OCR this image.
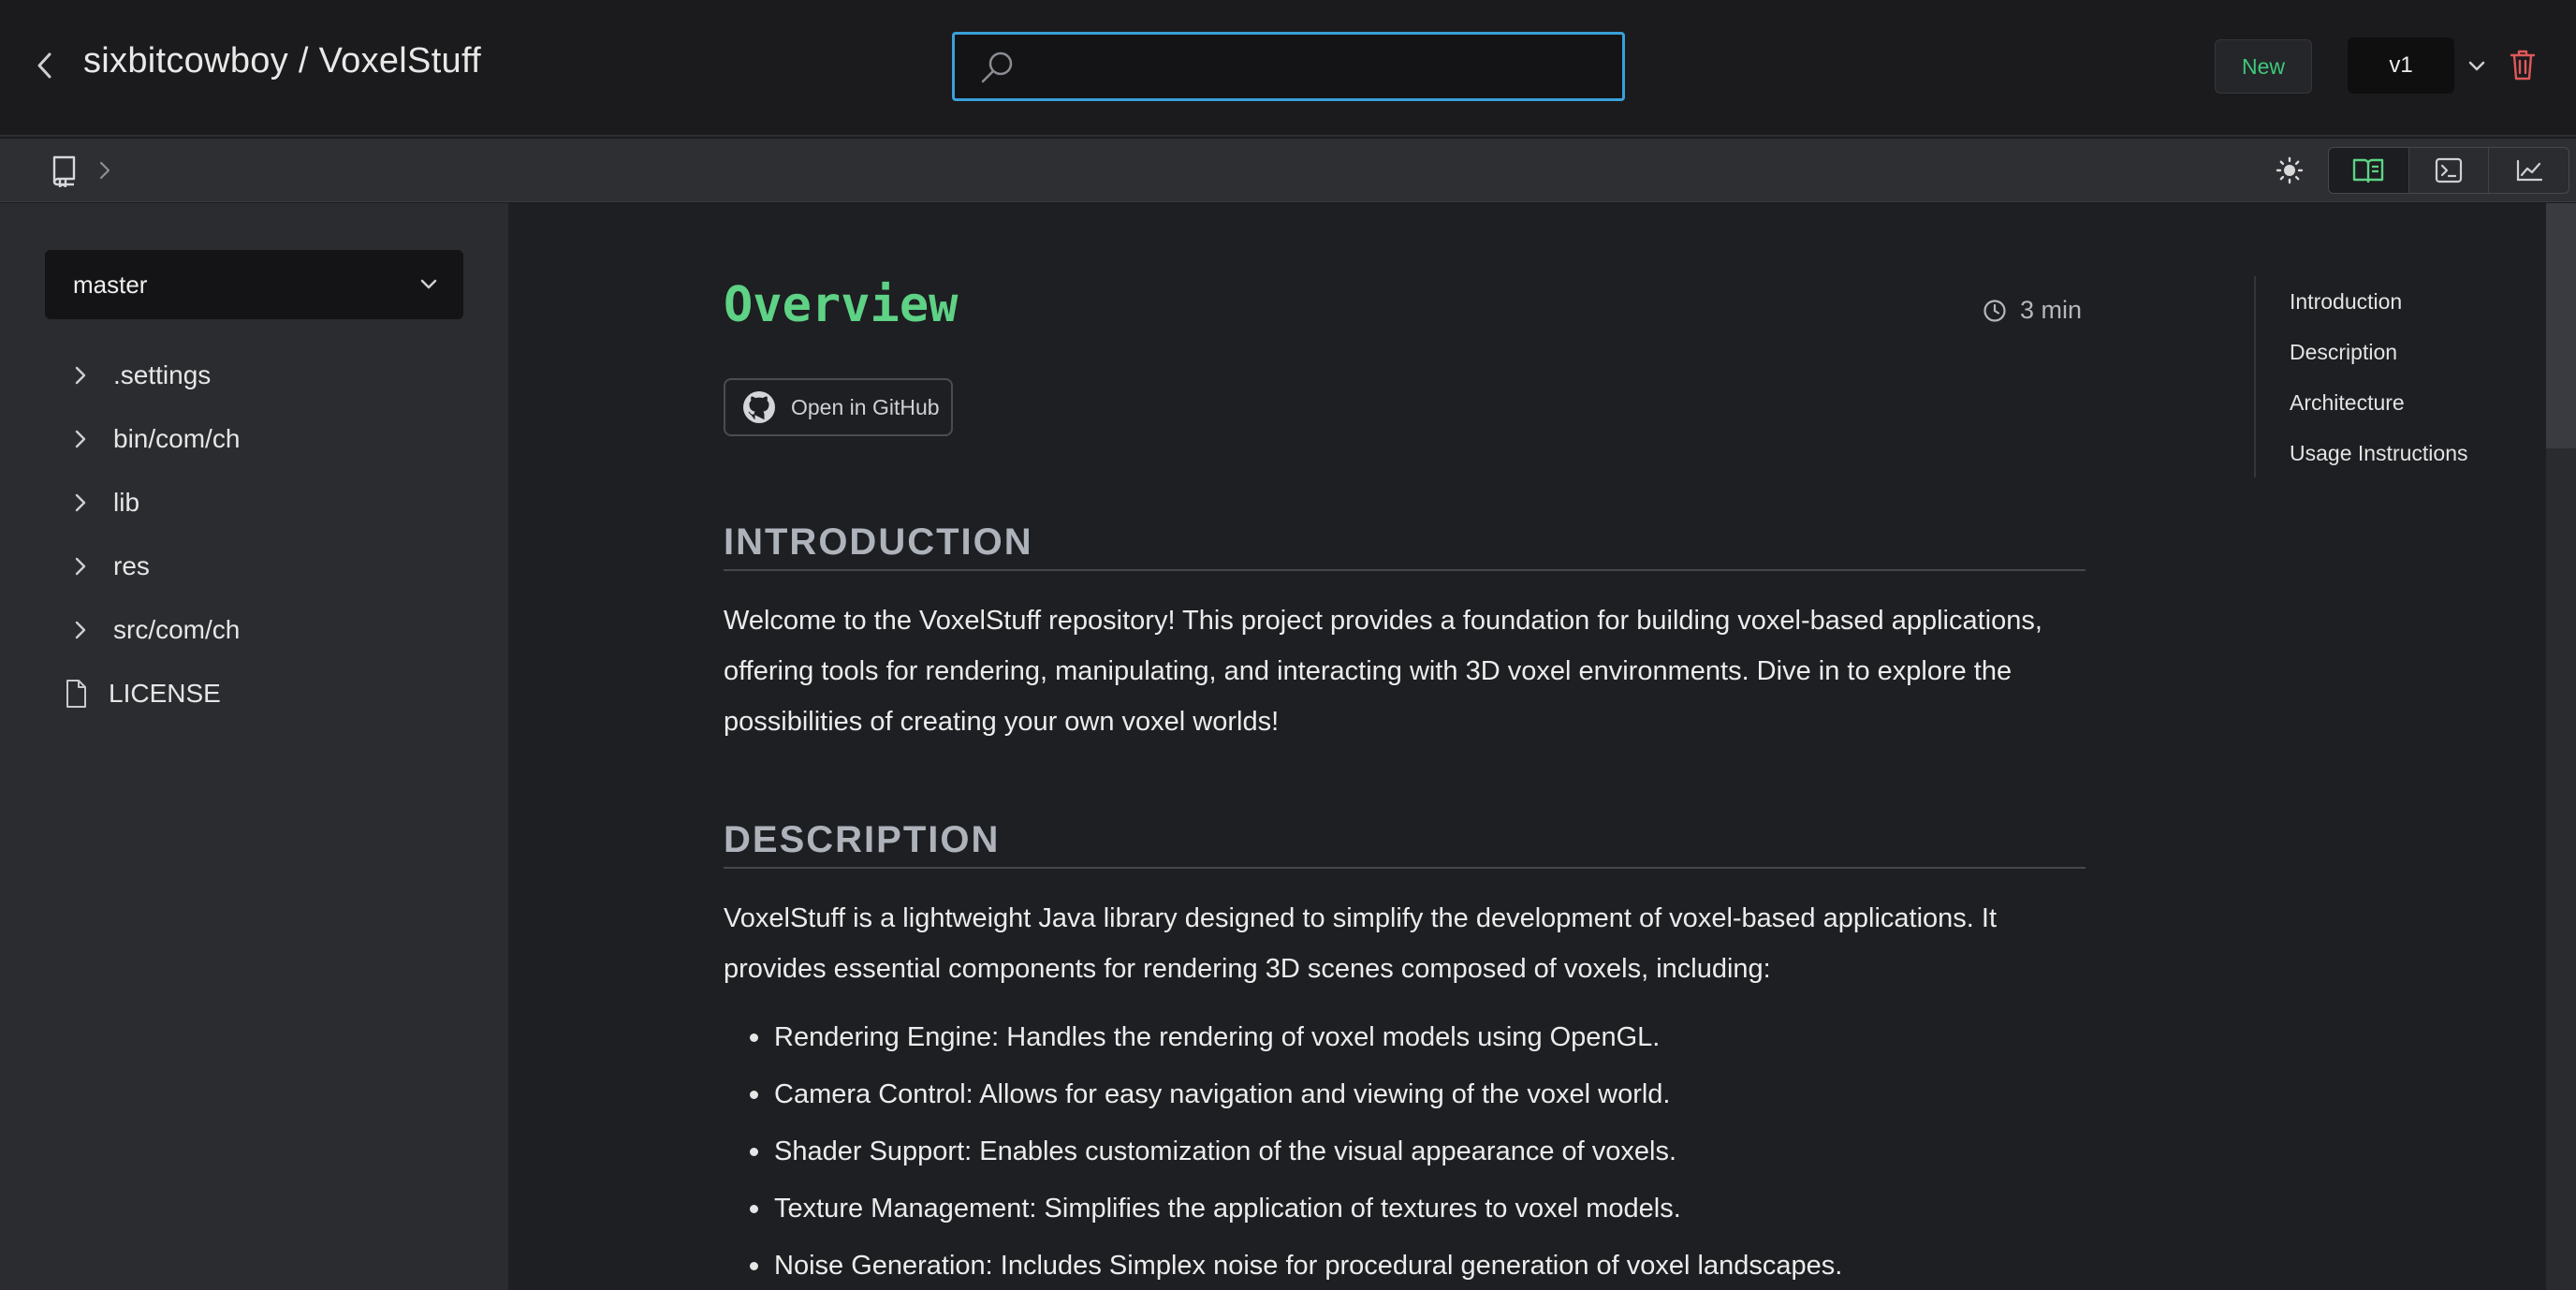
sixbitcowboy / VoxelStuff	New	v1
master
.settings
bin/com/ch
lib
res
src/com/ch
LICENSE
Overview	3 min
Open in GitHub
INTRODUCTION

Welcome to the VoxelStuff repository! This project provides a foundation for building voxel-based applications, offering tools for rendering, manipulating, and interacting with 3D voxel environments. Dive in to explore the possibilities of creating your own voxel worlds!

DESCRIPTION

VoxelStuff is a lightweight Java library designed to simplify the development of voxel-based applications. It provides essential components for rendering 3D scenes composed of voxels, including:

Rendering Engine: Handles the rendering of voxel models using OpenGL.
Camera Control: Allows for easy navigation and viewing of the voxel world.
Shader Support: Enables customization of the visual appearance of voxels.
Texture Management: Simplifies the application of textures to voxel models.
Noise Generation: Includes Simplex noise for procedural generation of voxel landscapes.
Introduction
Description
Architecture
Usage Instructions
